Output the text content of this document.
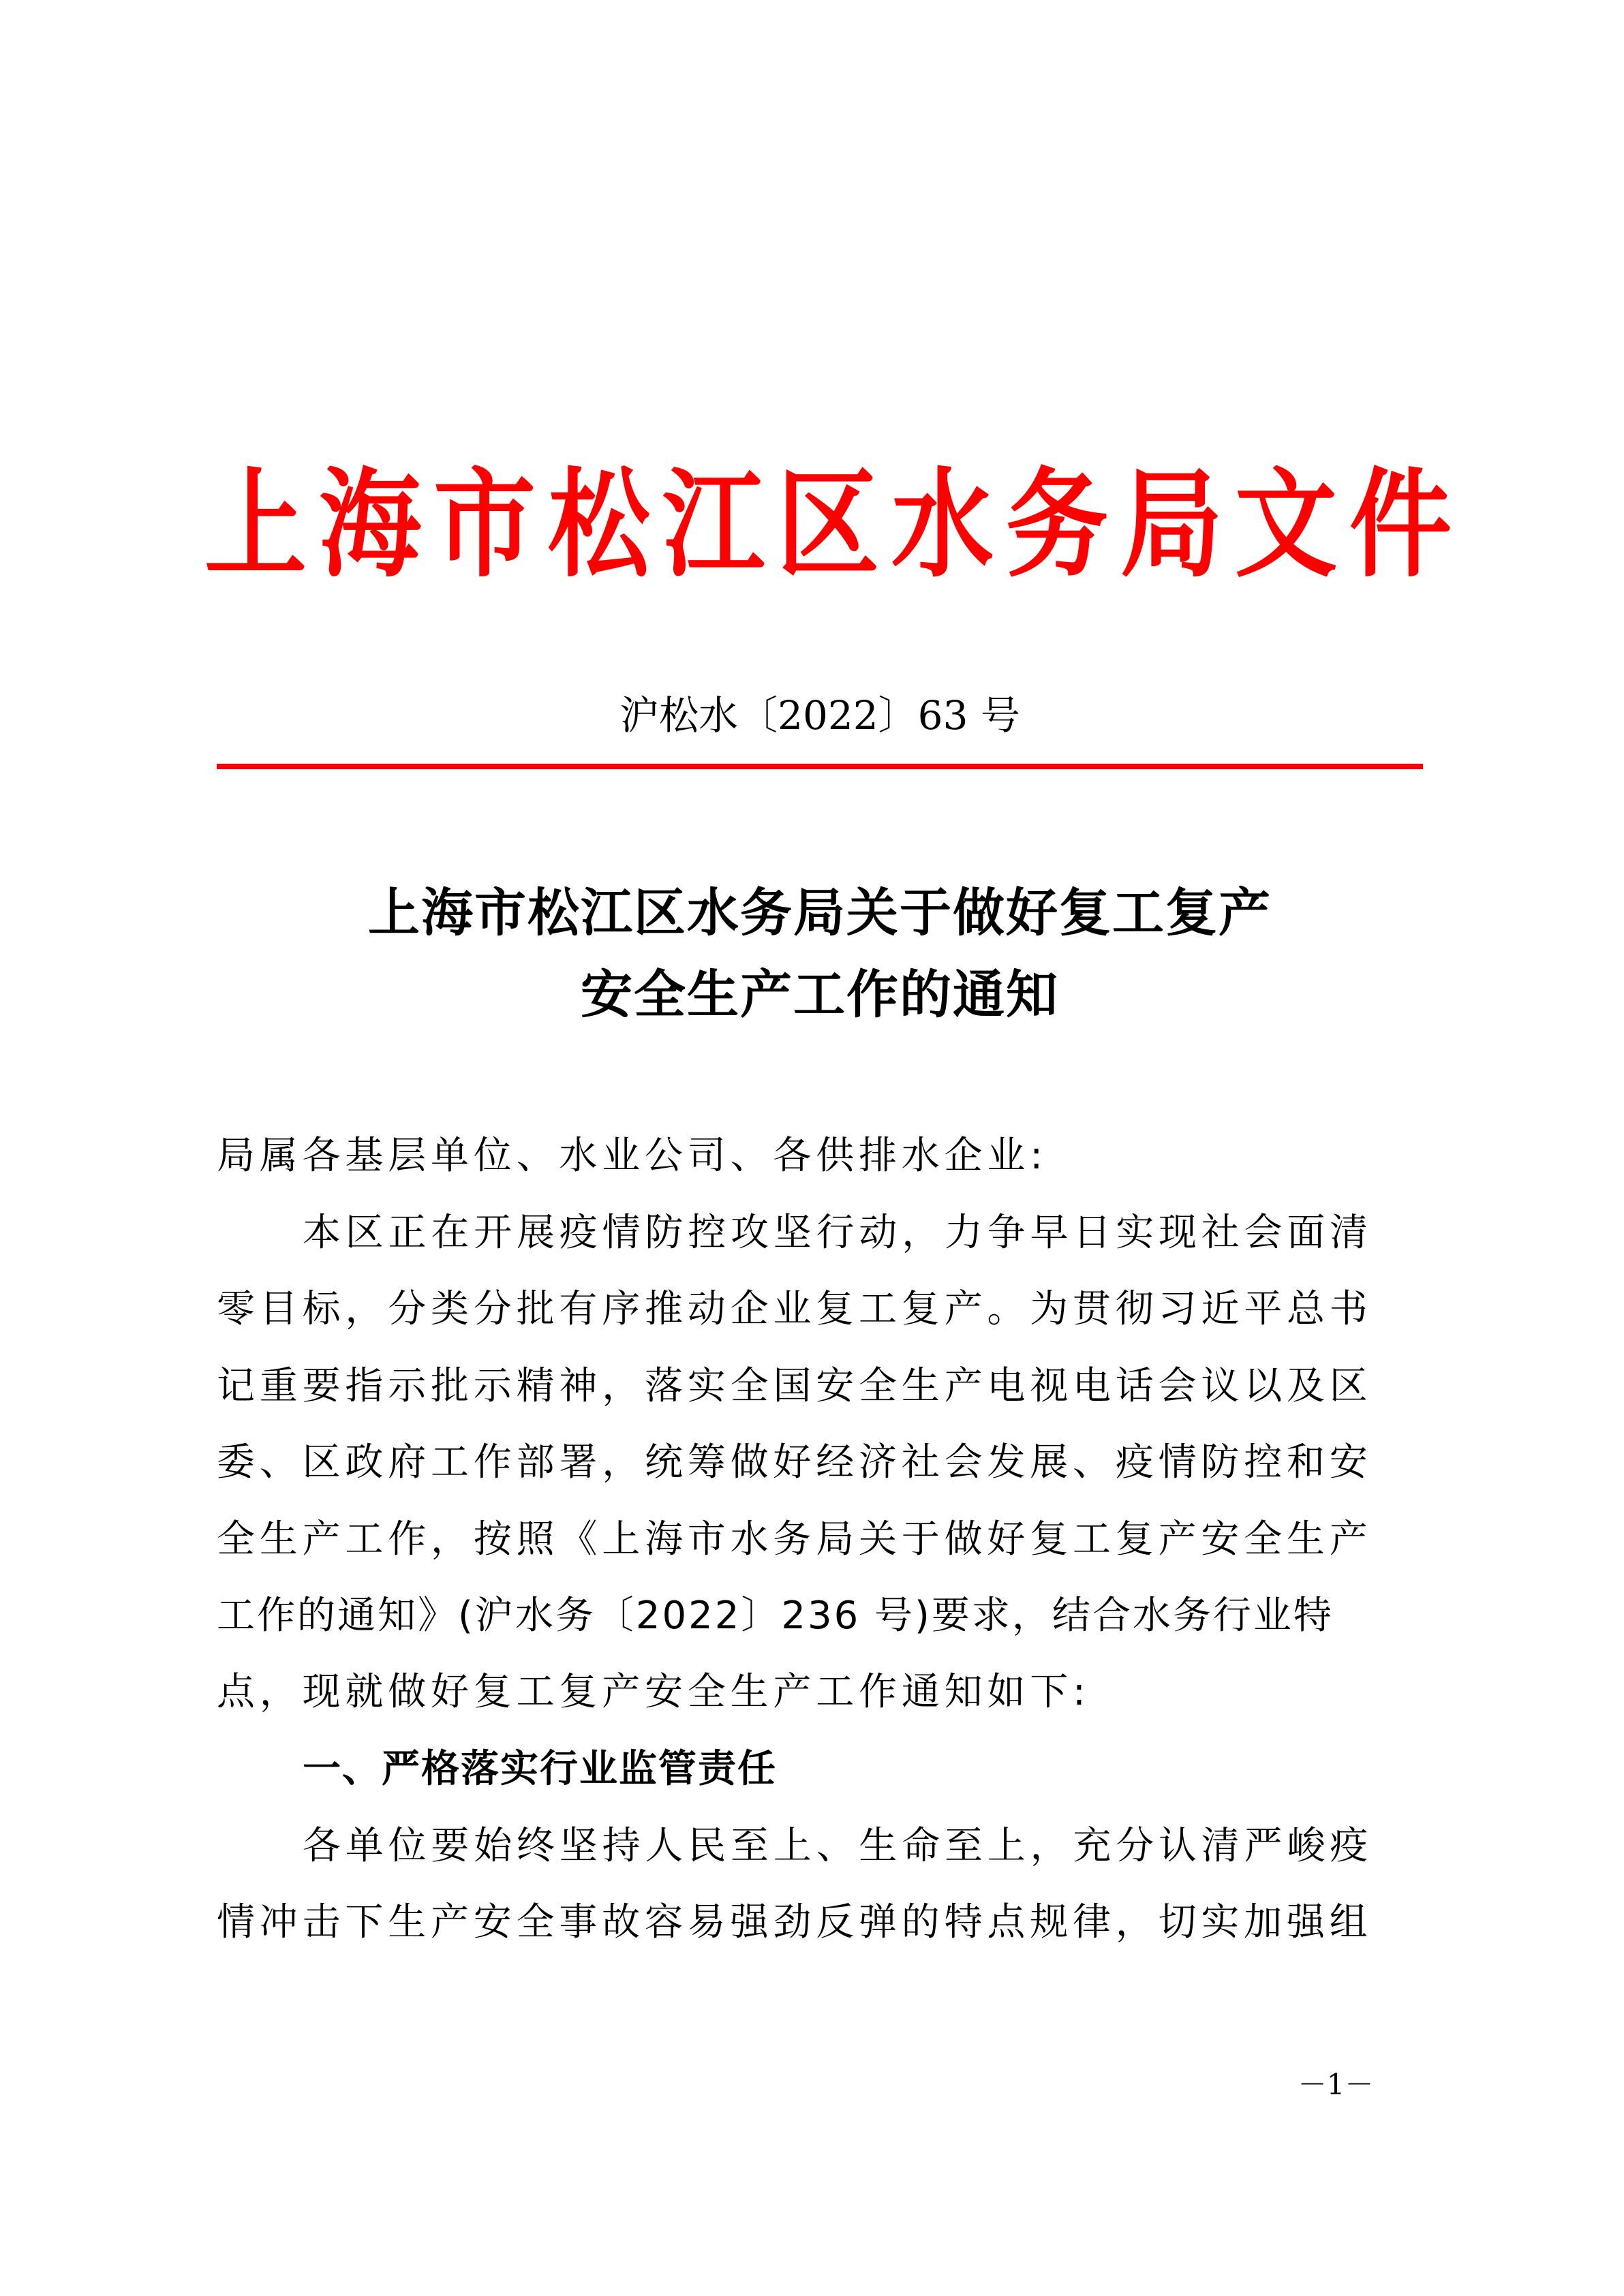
上海市松江区水务局文件
沪松水〔2022〕63 号
上海市松江区水务局关于做好复工复产
安全生产工作的通知
局属各基层单位、水业公司、各供排水企业:
本区正在开展疫情防控攻坚行动，力争早日实现社会面清
零目标，分类分批有序推动企业复工复产。为贯彻习近平总书
记重要指示批示精神，落实全国安全生产电视电话会议以及区
委、区政府工作部署，统筹做好经济社会发展、疫情防控和安
全生产工作，按照《上海市水务局关于做好复工复产安全生产
工作的通知》(沪水务〔2022〕236 号)要求，结合水务行业特
点，现就做好复工复产安全生产工作通知如下:
一、严格落实行业监管责任
各单位要始终坚持人民至上、生命至上，充分认清严峻疫
情冲击下生产安全事故容易强劲反弹的特点规律，切实加强组
－1－
